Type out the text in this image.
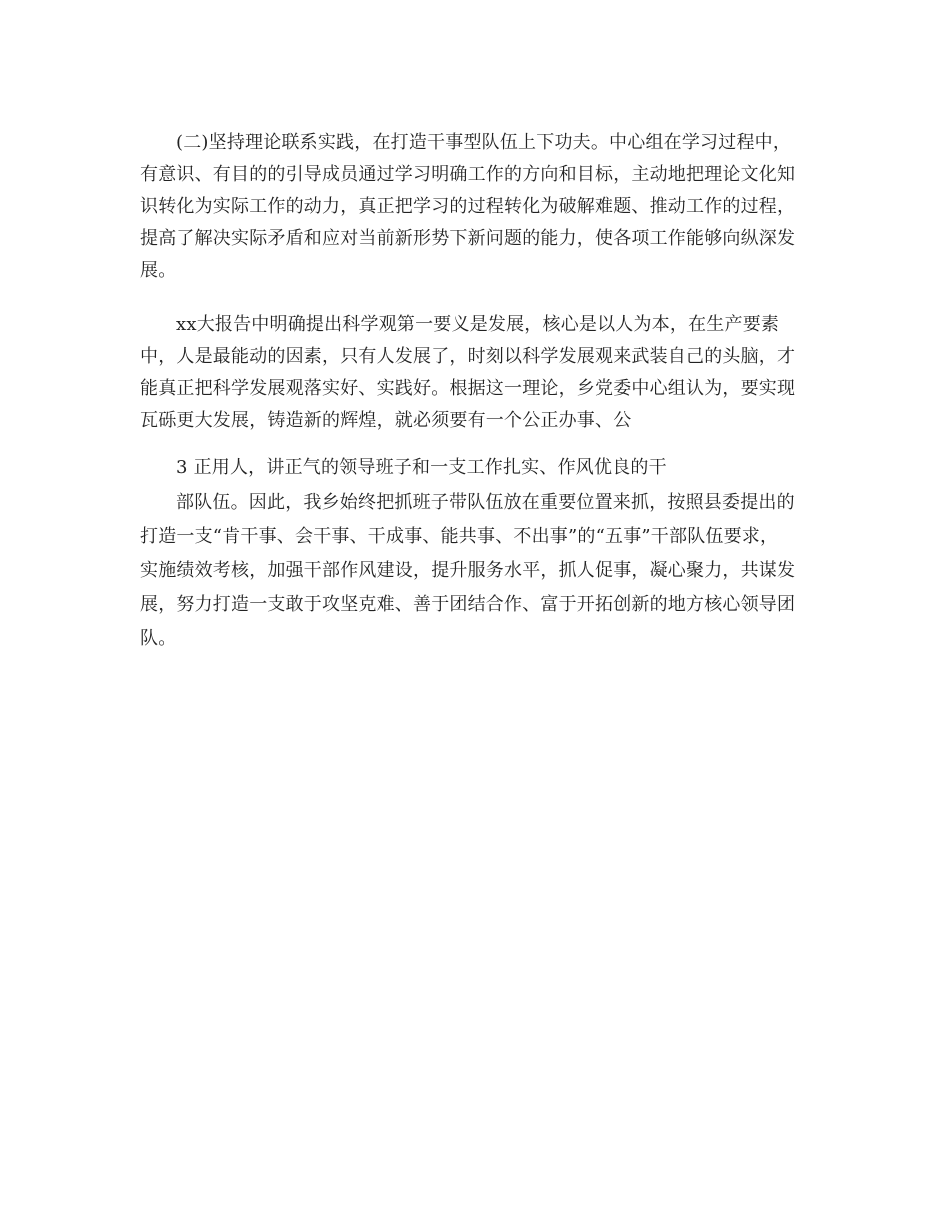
(二)坚持理论联系实践，在打造干事型队伍上下功夫。中心组在学习过程中，

有意识、有目的的引导成员通过学习明确工作的方向和目标，主动地把理论文化知

识转化为实际工作的动力，真正把学习的过程转化为破解难题、推动工作的过程，

提高了解决实际矛盾和应对当前新形势下新问题的能力，使各项工作能够向纵深发

展。

xx大报告中明确提出科学观第一要义是发展，核心是以人为本，在生产要素

中，人是最能动的因素，只有人发展了，时刻以科学发展观来武装自己的头脑，才

能真正把科学发展观落实好、实践好。根据这一理论，乡党委中心组认为，要实现

瓦砾更大发展，铸造新的辉煌，就必须要有一个公正办事、公

3 正用人，讲正气的领导班子和一支工作扎实、作风优良的干

部队伍。因此，我乡始终把抓班子带队伍放在重要位置来抓，按照县委提出的

打造一支“肯干事、会干事、干成事、能共事、不出事”的“五事”干部队伍要求，

实施绩效考核，加强干部作风建设，提升服务水平，抓人促事，凝心聚力，共谋发

展，努力打造一支敢于攻坚克难、善于团结合作、富于开拓创新的地方核心领导团

队。
